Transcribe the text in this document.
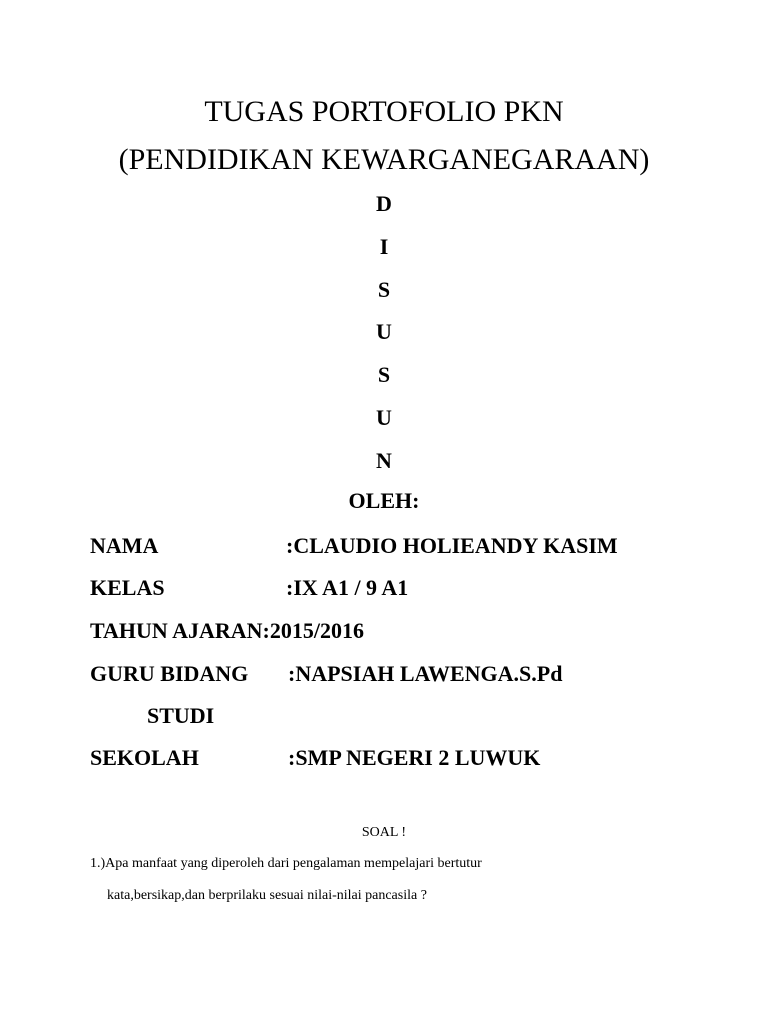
TUGAS PORTOFOLIO PKN
(PENDIDIKAN KEWARGANEGARAAN)
D
I
S
U
S
U
N
OLEH:
NAMA	:CLAUDIO HOLIEANDY KASIM
KELAS	:IX A1 / 9 A1
TAHUN AJARAN:2015/2016
GURU BIDANG :NAPSIAH LAWENGA.S.Pd
STUDI
SEKOLAH	:SMP NEGERI 2 LUWUK
SOAL !
1.)Apa manfaat yang diperoleh dari pengalaman mempelajari bertutur
kata,bersikap,dan berprilaku sesuai nilai-nilai pancasila ?
